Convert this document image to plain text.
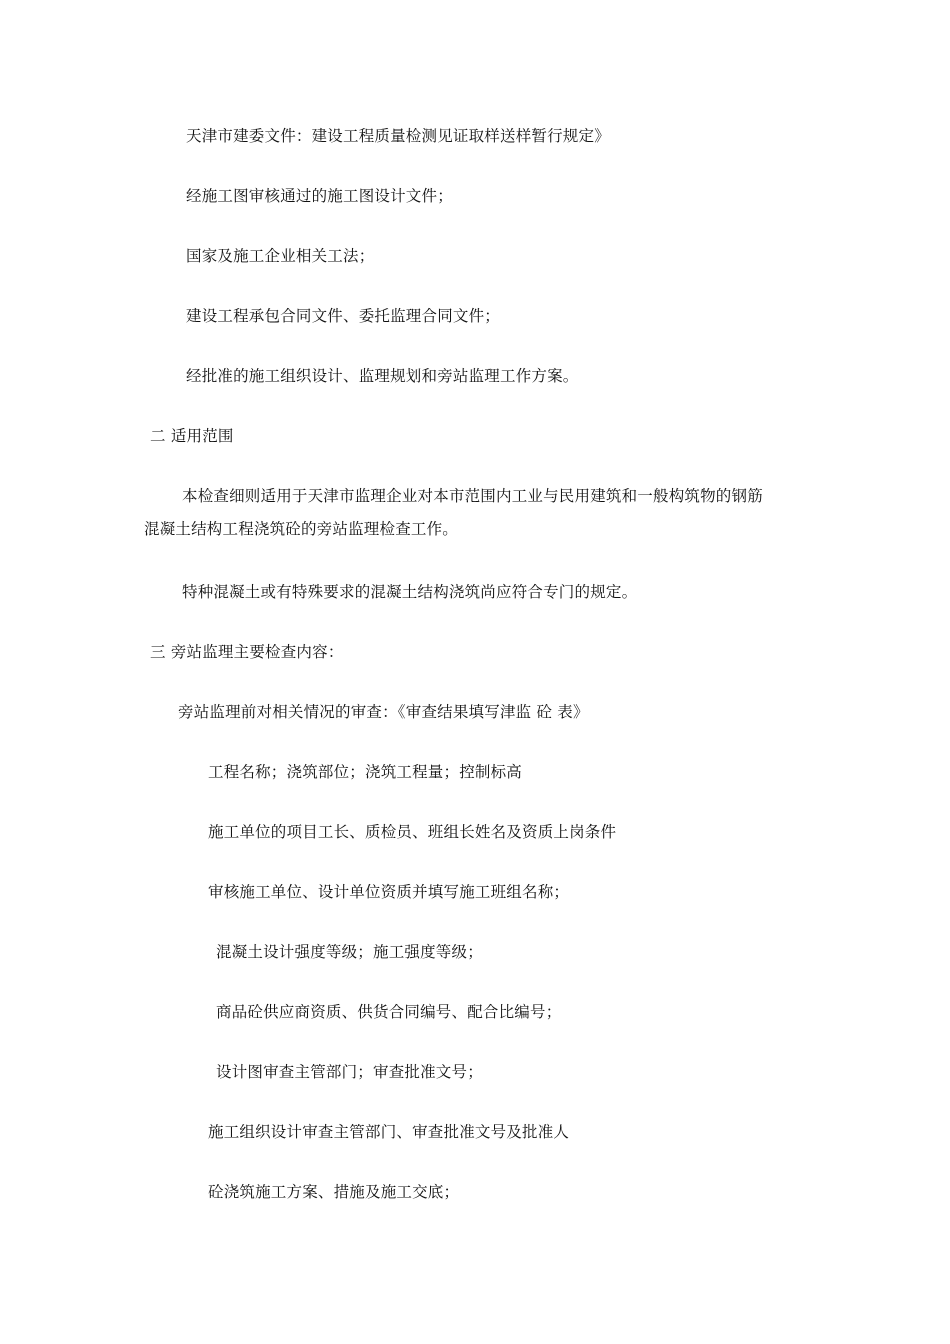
天津市建委文件：建设工程质量检测见证取样送样暂行规定》
经施工图审核通过的施工图设计文件；
国家及施工企业相关工法；
建设工程承包合同文件、委托监理合同文件；
经批准的施工组织设计、监理规划和旁站监理工作方案。
二 适用范围
本检查细则适用于天津市监理企业对本市范围内工业与民用建筑和一般构筑物的钢筋
混凝土结构工程浇筑砼的旁站监理检查工作。
特种混凝土或有特殊要求的混凝土结构浇筑尚应符合专门的规定。
三 旁站监理主要检查内容：
旁站监理前对相关情况的审查：《审查结果填写津监 砼 表》
工程名称；浇筑部位；浇筑工程量；控制标高
施工单位的项目工长、质检员、班组长姓名及资质上岗条件
审核施工单位、设计单位资质并填写施工班组名称；
混凝土设计强度等级；施工强度等级；
商品砼供应商资质、供货合同编号、配合比编号；
设计图审查主管部门；审查批准文号；
施工组织设计审查主管部门、审查批准文号及批准人
砼浇筑施工方案、措施及施工交底；
